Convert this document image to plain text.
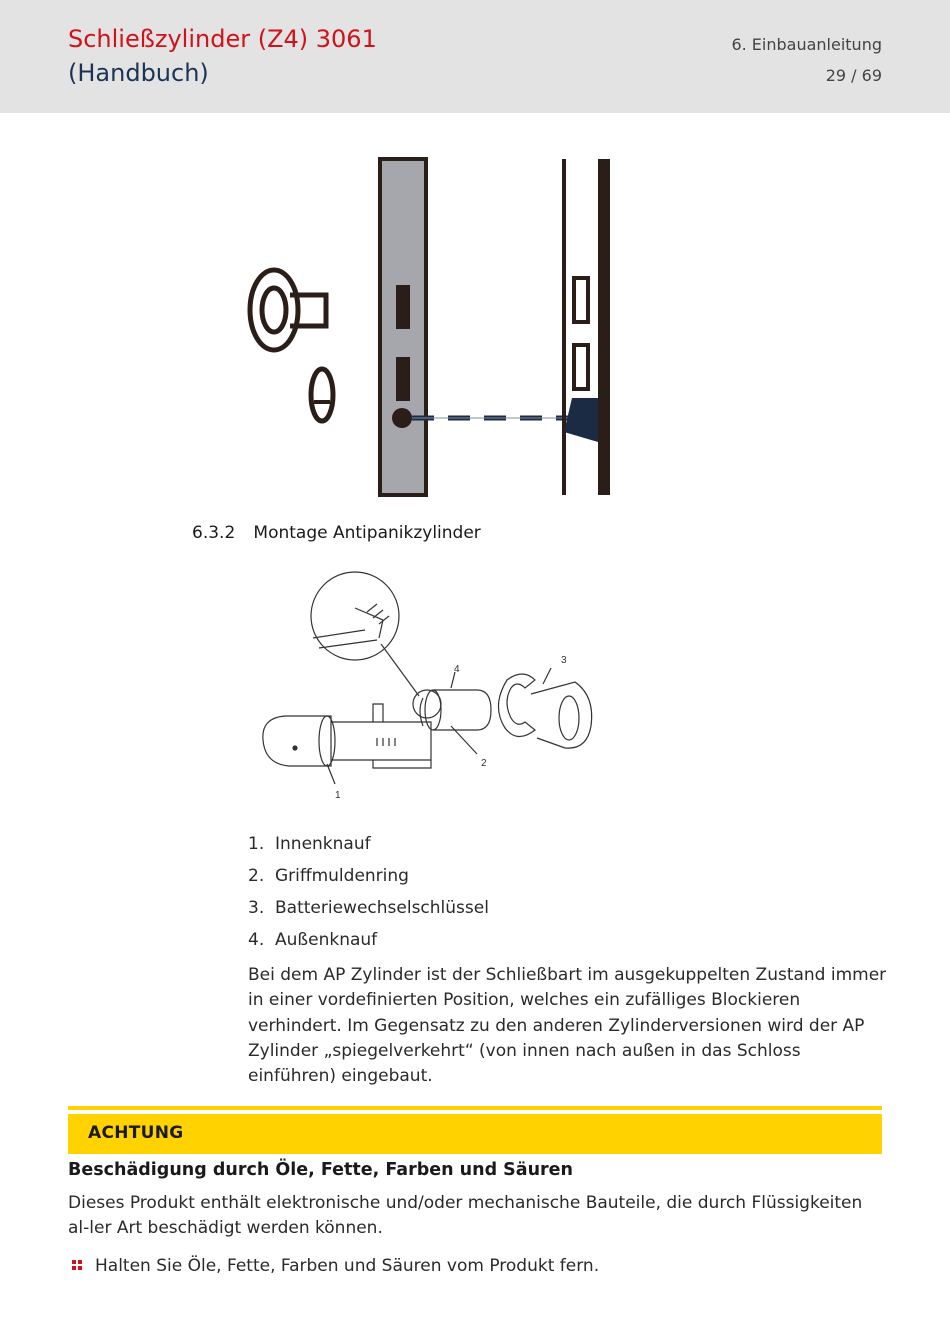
Schließzylinder (Z4) 3061
(Handbuch)
6. Einbauanleitung
29 / 69
6.3.2 Montage Antipanikzylinder
1
2
3
4
1. Innenknauf
2. Griffmuldenring
3. Batteriewechselschlüssel
4. Außenknauf

Bei dem AP Zylinder ist der Schließbart im ausgekuppelten Zustand immer in einer vordefinierten Position, welches ein zufälliges Blockieren verhindert. Im Gegensatz zu den anderen Zylinderversionen wird der AP Zylinder „spiegelverkehrt“ (von innen nach außen in das Schloss einführen) eingebaut.

ACHTUNG
Beschädigung durch Öle, Fette, Farben und Säuren

Dieses Produkt enthält elektronische und/oder mechanische Bauteile, die durch Flüssigkeiten al-ler Art beschädigt werden können.

Halten Sie Öle, Fette, Farben und Säuren vom Produkt fern.
